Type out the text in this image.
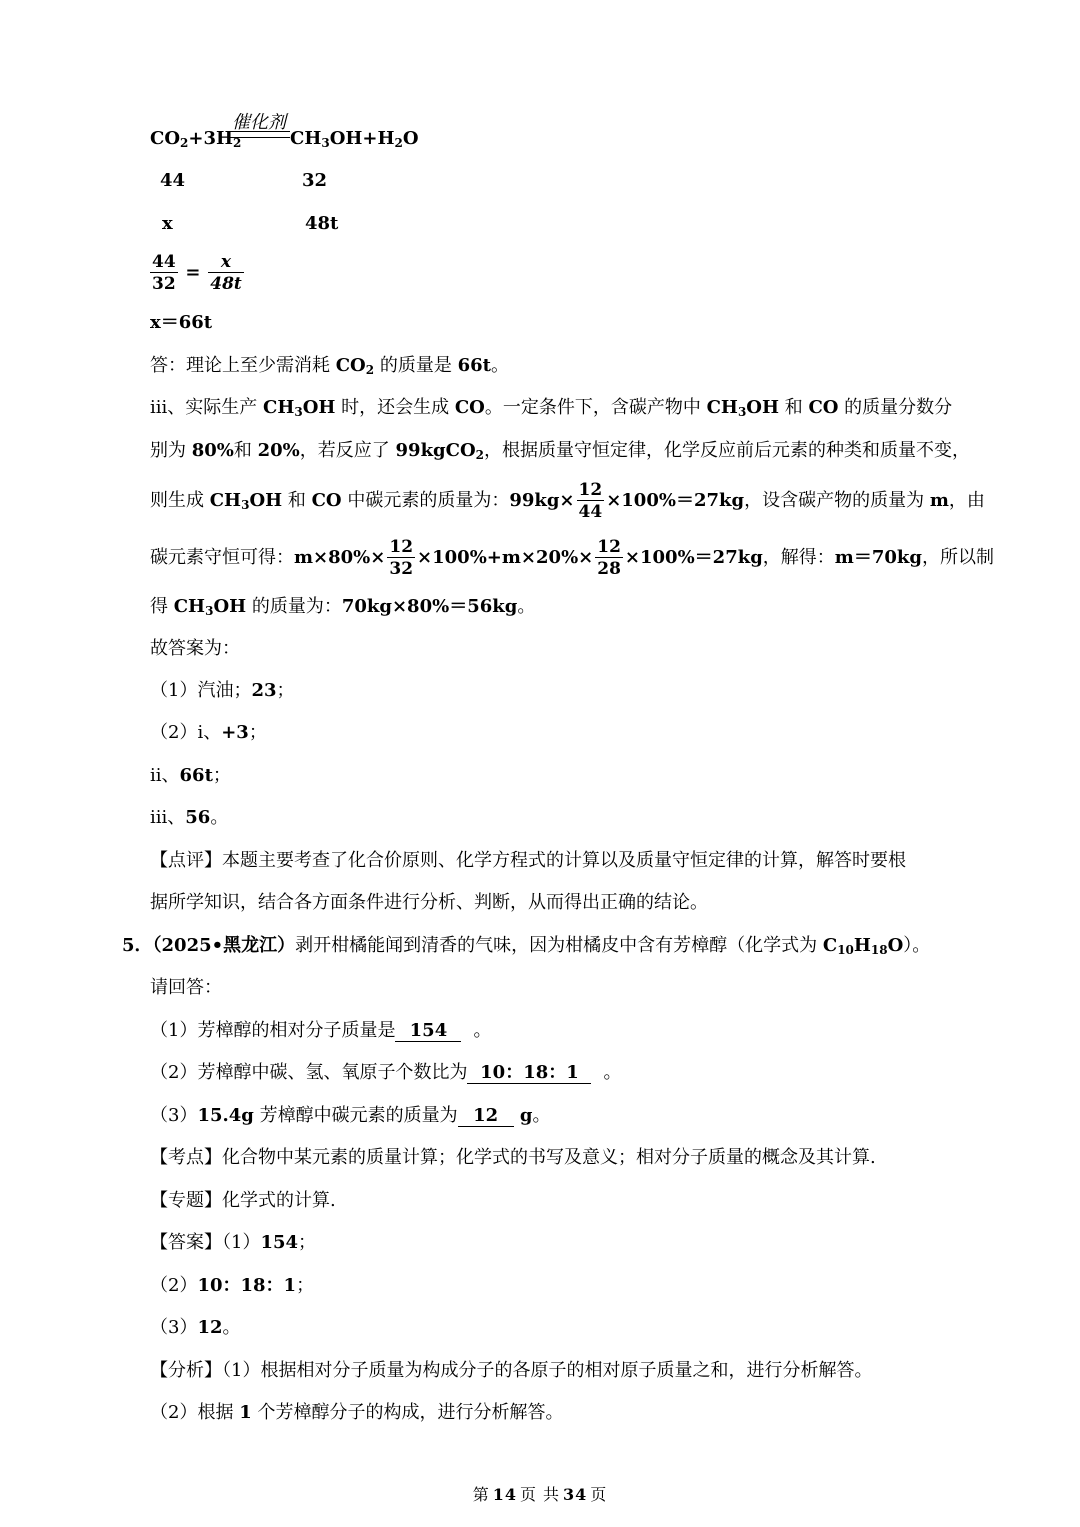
催化剂
$CO_2+3H_2$	$CH_3OH+H_2O$
44	32
x	48t
$\frac{44}{32} = \frac{x}{48t}$
x＝66t
答：理论上至少需消耗 $CO_2$ 的质量是 66t。
iii、实际生产 $CH_3OH$ 时，还会生成 CO。一定条件下，含碳产物中 $CH_3OH$ 和 CO 的质量分数分
别为 80%和 20%，若反应了 99kgCO$_2$，根据质量守恒定律，化学反应前后元素的种类和质量不变，
则生成 $CH_3OH$ 和 CO 中碳元素的质量为：$99kg\times \frac{12}{44} \times 100\%=27kg$，设含碳产物的质量为 m，由
碳元素守恒可得：$m\times 80\%\times \frac{12}{32} \times 100\%+m\times 20\%\times \frac{12}{28} \times 100\%=27kg$，解得：m＝70kg，所以制
得 $CH_3OH$ 的质量为：70kg×80%＝56kg。
故答案为：
（1）汽油；23；
（2）ⅰ、+3；
ⅱ、66t；
ⅲ、56。
【点评】本题主要考查了化合价原则、化学方程式的计算以及质量守恒定律的计算，解答时要根
据所学知识，结合各方面条件进行分析、判断，从而得出正确的结论。
5．（2025•黑龙江）剥开柑橘能闻到清香的气味，因为柑橘皮中含有芳樟醇（化学式为 $C_{10}H_{18}O$）。
请回答：
（1）芳樟醇的相对分子质量是 154 。
（2）芳樟醇中碳、氢、氧原子个数比为 10：18：1 。
（3）15.4g 芳樟醇中碳元素的质量为 12 g。
【考点】化合物中某元素的质量计算；化学式的书写及意义；相对分子质量的概念及其计算.
【专题】化学式的计算.
【答案】（1）154；
（2）10：18：1；
（3）12。
【分析】（1）根据相对分子质量为构成分子的各原子的相对原子质量之和，进行分析解答。
（2）根据 1 个芳樟醇分子的构成，进行分析解答。
第 14 页 共 34 页
